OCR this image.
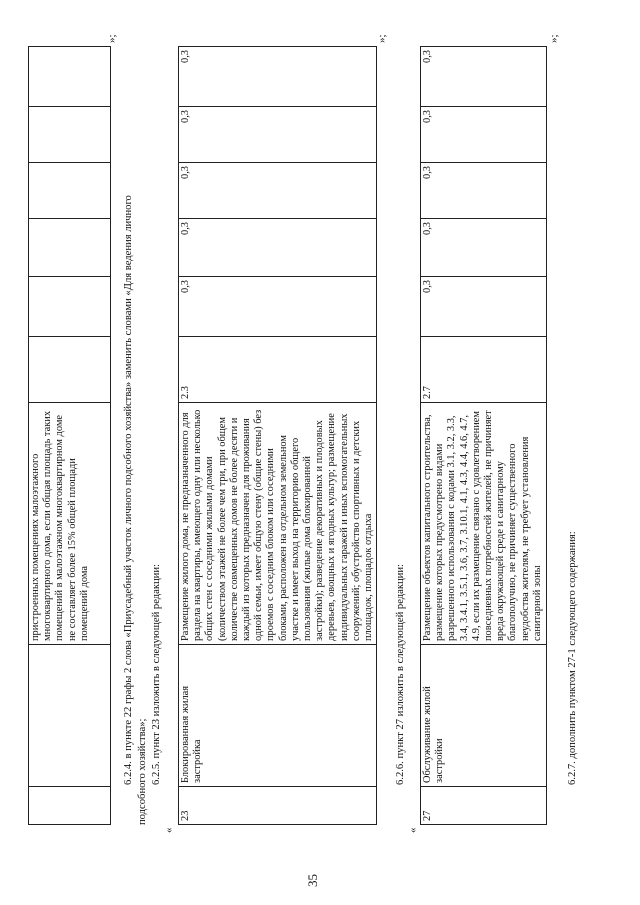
35
		пристроенных помещениях малоэтажного многоквартирного дома, если общая площадь таких помещений в малоэтажном многоквартирном доме не составляет более 15% общей площади помещений дома						
»;
6.2.4. в пункте 22 графы 2 слова «Приусадебный участок личного подсобного хозяйства» заменить словами «Для ведения личного подсобного хозяйства»; 6.2.5. пункт 23 изложить в следующей редакции:
«
23	Блокированная жилая застройка	Размещение жилого дома, не предназначенного для раздела на квартиры, имеющего одну или несколько общих стен с соседними жилыми домами (количеством этажей не более чем три, при общем количестве совмещенных домов не более десяти и каждый из которых предназначен для проживания одной семьи, имеет общую стену (общие стены) без проемов с соседним блоком или соседними блоками, расположен на отдельном земельном участке и имеет выход на территорию общего пользования (жилые дома блокированной застройки); разведение декоративных и плодовых деревьев, овощных и ягодных культур; размещение индивидуальных гаражей и иных вспомогательных сооружений; обустройство спортивных и детских площадок, площадок отдыха	2.3	0,3	0,3	0,3	0,3	0,3
»;
6.2.6. пункт 27 изложить в следующей редакции:
«
27	Обслуживание жилой застройки	Размещение объектов капитального строительства, размещение которых предусмотрено видами разрешенного использования с кодами 3.1, 3.2, 3.3, 3.4, 3.4.1, 3.5.1, 3.6, 3.7, 3.10.1, 4.1, 4.3, 4.4, 4.6, 4.7, 4.9, если их размещение связано с удовлетворением повседневных потребностей жителей, не причиняет вреда окружающей среде и санитарному благополучию, не причиняет существенного неудобства жителям, не требует установления санитарной зоны	2.7	0,3	0,3	0,3	0,3	0,3
»;
6.2.7. дополнить пунктом 27-1 следующего содержания:
